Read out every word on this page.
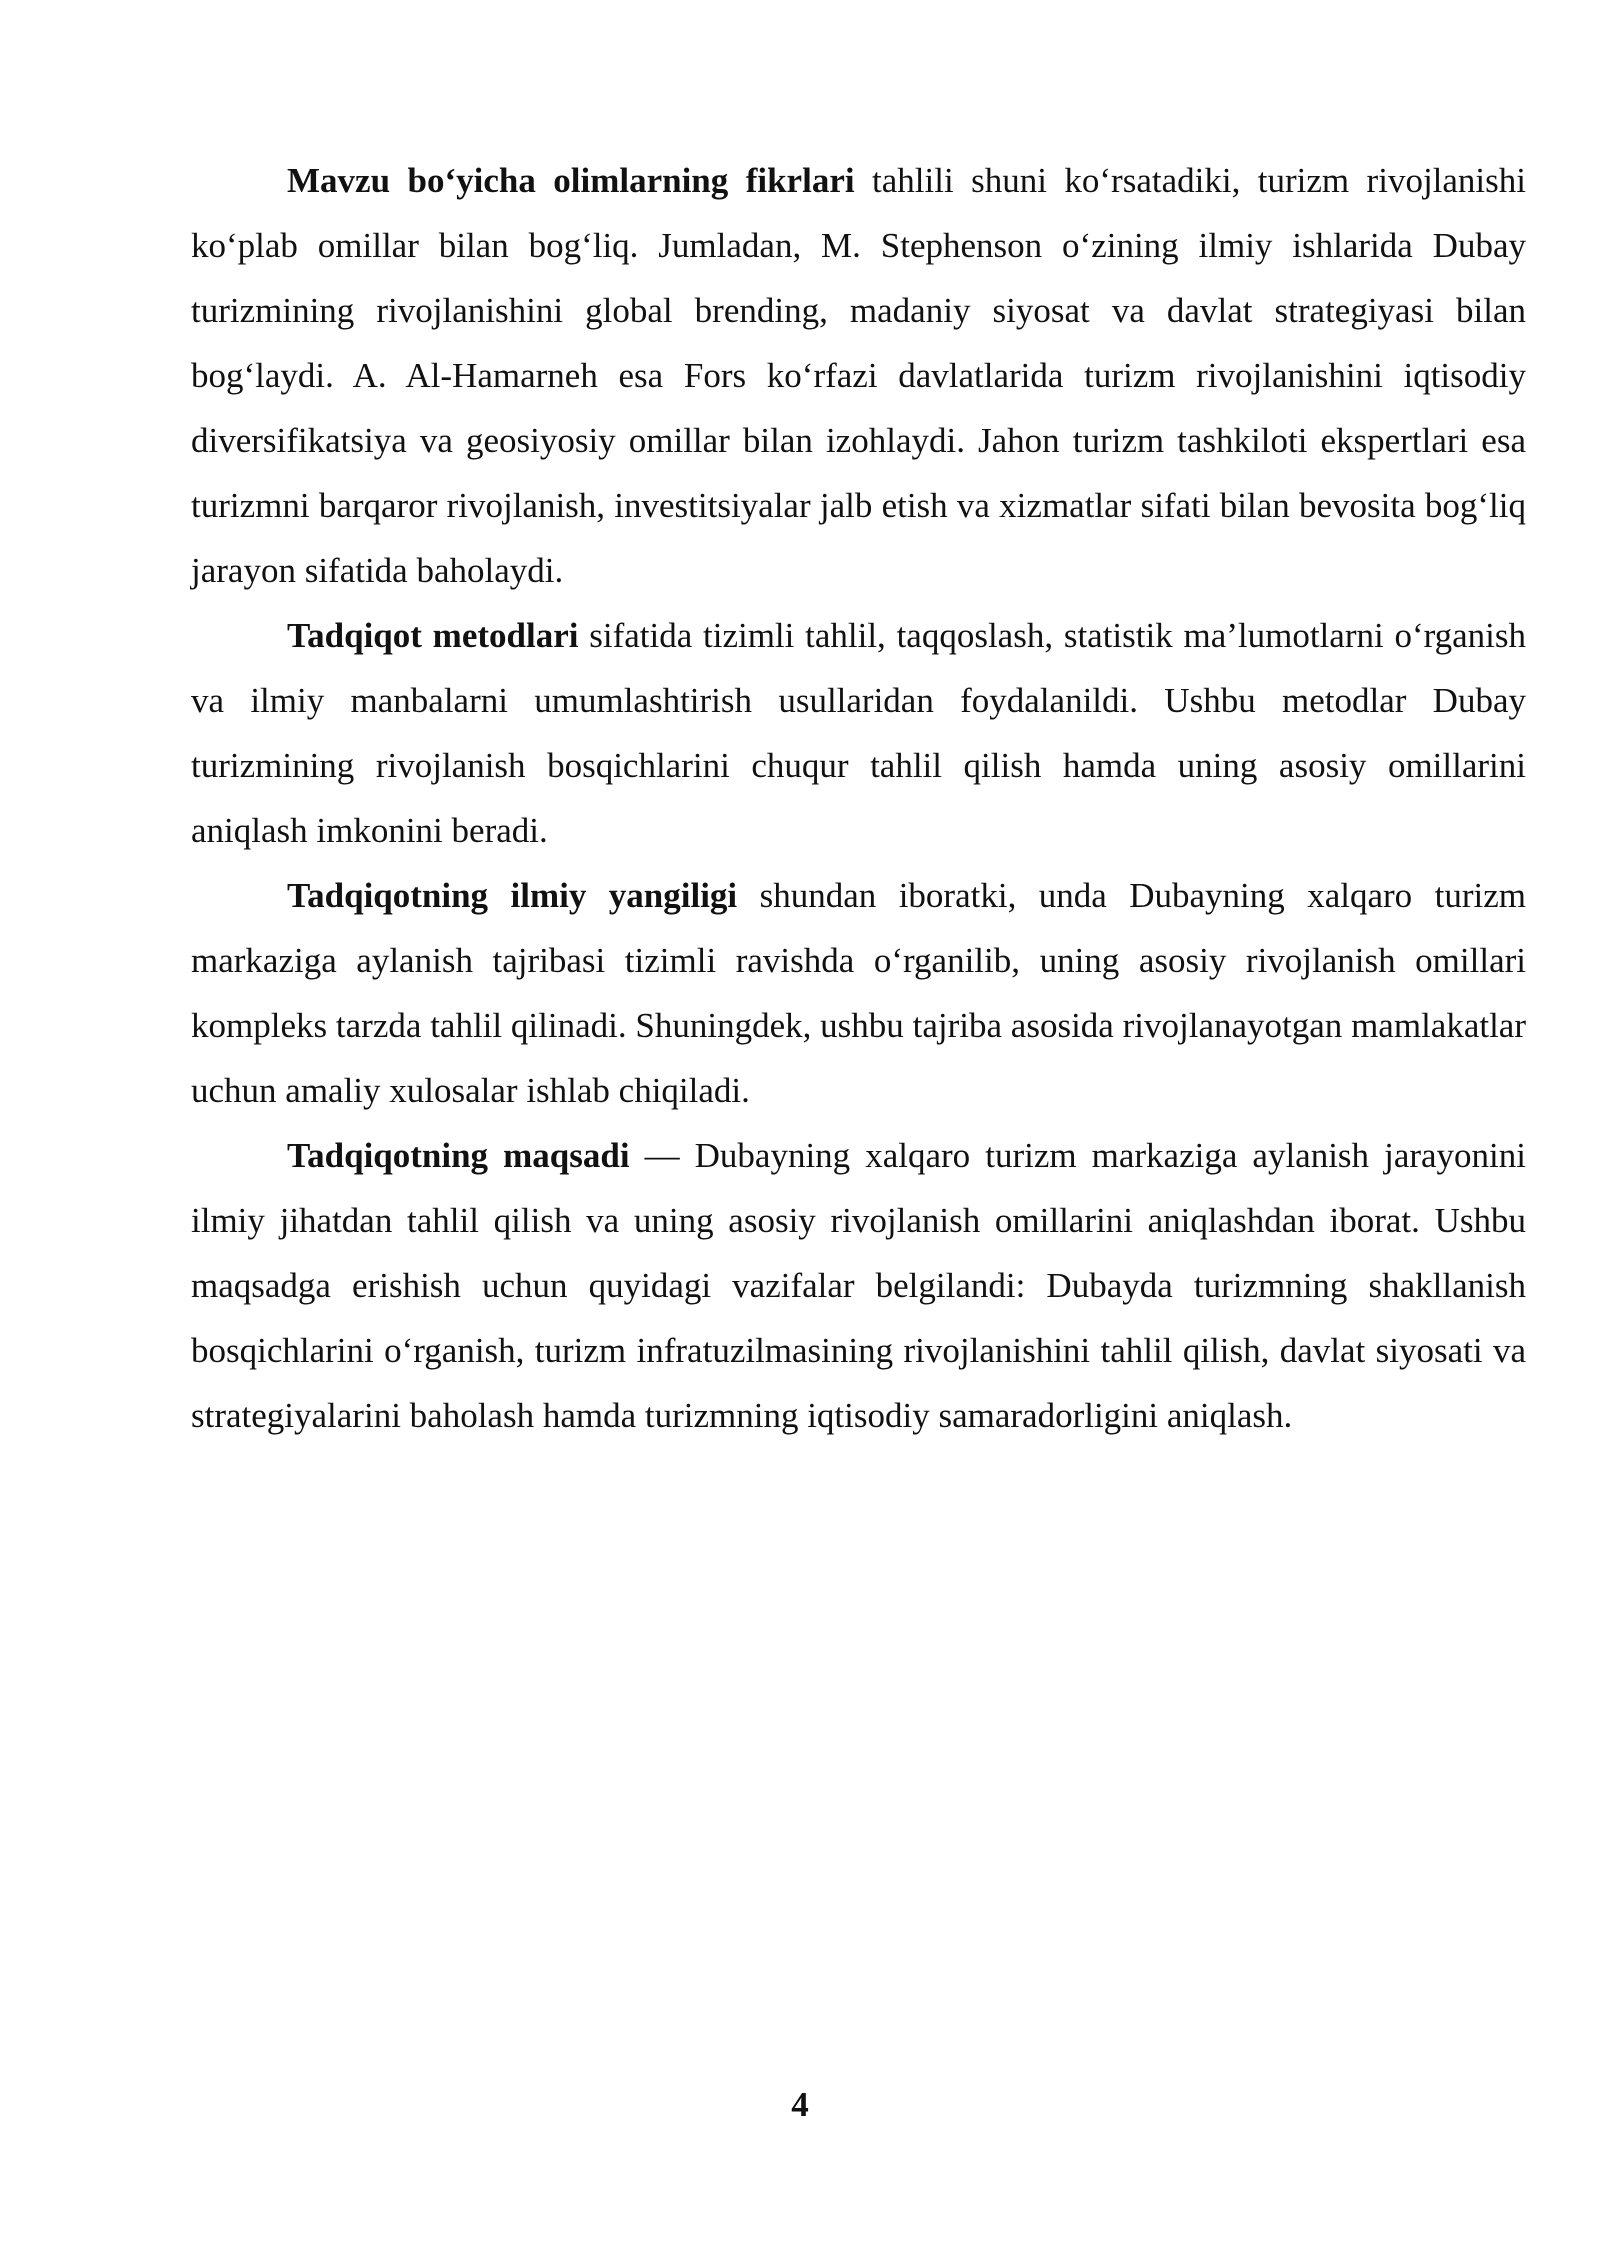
Mavzu bo‘yicha olimlarning fikrlari tahlili shuni ko‘rsatadiki, turizm rivojlanishi ko‘plab omillar bilan bog‘liq. Jumladan, M. Stephenson o‘zining ilmiy ishlarida Dubay turizmining rivojlanishini global brending, madaniy siyosat va davlat strategiyasi bilan bog‘laydi. A. Al-Hamarneh esa Fors ko‘rfazi davlatlarida turizm rivojlanishini iqtisodiy diversifikatsiya va geosiyosiy omillar bilan izohlaydi. Jahon turizm tashkiloti ekspertlari esa turizmni barqaror rivojlanish, investitsiyalar jalb etish va xizmatlar sifati bilan bevosita bog‘liq jarayon sifatida baholaydi.

Tadqiqot metodlari sifatida tizimli tahlil, taqqoslash, statistik ma’lumotlarni o‘rganish va ilmiy manbalarni umumlashtirish usullaridan foydalanildi. Ushbu metodlar Dubay turizmining rivojlanish bosqichlarini chuqur tahlil qilish hamda uning asosiy omillarini aniqlash imkonini beradi.

Tadqiqotning ilmiy yangiligi shundan iboratki, unda Dubayning xalqaro turizm markaziga aylanish tajribasi tizimli ravishda o‘rganilib, uning asosiy rivojlanish omillari kompleks tarzda tahlil qilinadi. Shuningdek, ushbu tajriba asosida rivojlanayotgan mamlakatlar uchun amaliy xulosalar ishlab chiqiladi.

Tadqiqotning maqsadi — Dubayning xalqaro turizm markaziga aylanish jarayonini ilmiy jihatdan tahlil qilish va uning asosiy rivojlanish omillarini aniqlashdan iborat. Ushbu maqsadga erishish uchun quyidagi vazifalar belgilandi: Dubayda turizmning shakllanish bosqichlarini o‘rganish, turizm infratuzilmasining rivojlanishini tahlil qilish, davlat siyosati va strategiyalarini baholash hamda turizmning iqtisodiy samaradorligini aniqlash.

4
